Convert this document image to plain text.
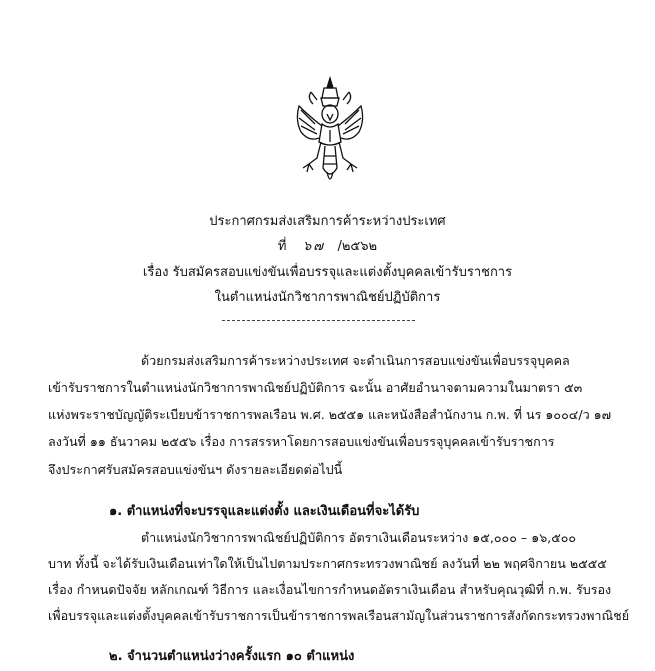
ประกาศกรมส่งเสริมการค้าระหว่างประเทศ
ที่ ๖๗ /๒๕๖๒
เรื่อง รับสมัครสอบแข่งขันเพื่อบรรจุและแต่งตั้งบุคคลเข้ารับราชการ
ในตำแหน่งนักวิชาการพาณิชย์ปฏิบัติการ
ด้วยกรมส่งเสริมการค้าระหว่างประเทศ จะดำเนินการสอบแข่งขันเพื่อบรรจุบุคคล
เข้ารับราชการในตำแหน่งนักวิชาการพาณิชย์ปฏิบัติการ ฉะนั้น อาศัยอำนาจตามความในมาตรา ๕๓
แห่งพระราชบัญญัติระเบียบข้าราชการพลเรือน พ.ศ. ๒๕๕๑ และหนังสือสำนักงาน ก.พ. ที่ นร ๑๐๐๔/ว ๑๗
ลงวันที่ ๑๑ ธันวาคม ๒๕๕๖ เรื่อง การสรรหาโดยการสอบแข่งขันเพื่อบรรจุบุคคลเข้ารับราชการ
จึงประกาศรับสมัครสอบแข่งขันฯ ดังรายละเอียดต่อไปนี้
๑. ตำแหน่งที่จะบรรจุและแต่งตั้ง และเงินเดือนที่จะได้รับ
ตำแหน่งนักวิชาการพาณิชย์ปฏิบัติการ อัตราเงินเดือนระหว่าง ๑๕,๐๐๐ – ๑๖,๕๐๐
บาท ทั้งนี้ จะได้รับเงินเดือนเท่าใดให้เป็นไปตามประกาศกระทรวงพาณิชย์ ลงวันที่ ๒๒ พฤศจิกายน ๒๕๕๕
เรื่อง กำหนดปัจจัย หลักเกณฑ์ วิธีการ และเงื่อนไขการกำหนดอัตราเงินเดือน สำหรับคุณวุฒิที่ ก.พ. รับรอง
เพื่อบรรจุและแต่งตั้งบุคคลเข้ารับราชการเป็นข้าราชการพลเรือนสามัญในส่วนราชการสังกัดกระทรวงพาณิชย์
๒. จำนวนตำแหน่งว่างครั้งแรก ๑๐ ตำแหน่ง
